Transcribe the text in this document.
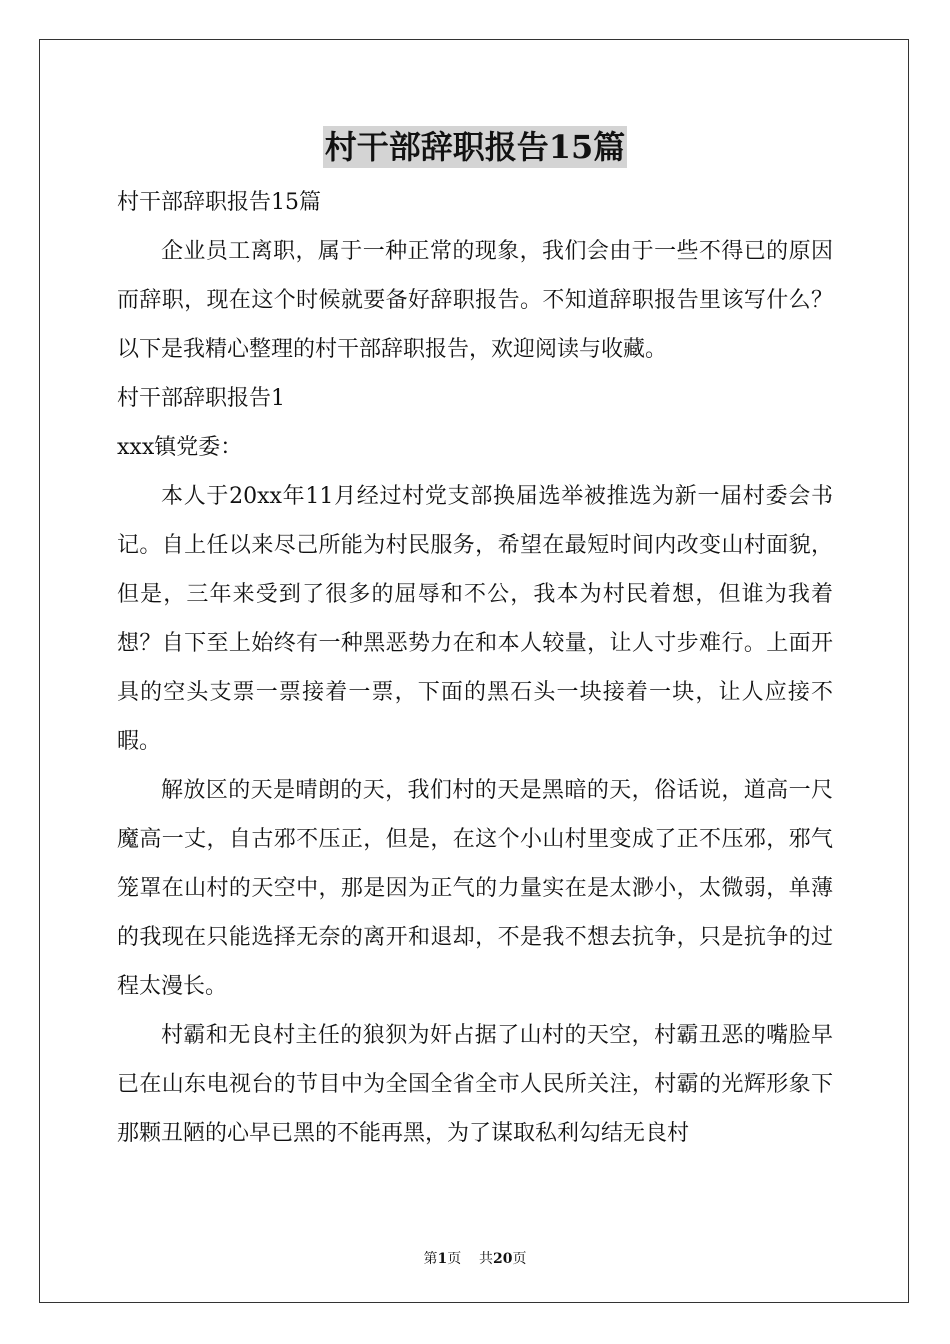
村干部辞职报告15篇

村干部辞职报告15篇

企业员工离职，属于一种正常的现象，我们会由于一些不得已的原因而辞职，现在这个时候就要备好辞职报告。不知道辞职报告里该写什么？以下是我精心整理的村干部辞职报告，欢迎阅读与收藏。

村干部辞职报告1

xxx镇党委：

本人于20xx年11月经过村党支部换届选举被推选为新一届村委会书记。自上任以来尽己所能为村民服务，希望在最短时间内改变山村面貌，但是，三年来受到了很多的屈辱和不公，我本为村民着想，但谁为我着想？自下至上始终有一种黑恶势力在和本人较量，让人寸步难行。上面开具的空头支票一票接着一票，下面的黑石头一块接着一块，让人应接不暇。

解放区的天是晴朗的天，我们村的天是黑暗的天，俗话说，道高一尺魔高一丈，自古邪不压正，但是，在这个小山村里变成了正不压邪，邪气笼罩在山村的天空中，那是因为正气的力量实在是太渺小，太微弱，单薄的我现在只能选择无奈的离开和退却，不是我不想去抗争，只是抗争的过程太漫长。

村霸和无良村主任的狼狈为奸占据了山村的天空，村霸丑恶的嘴脸早已在山东电视台的节目中为全国全省全市人民所关注，村霸的光辉形象下那颗丑陋的心早已黑的不能再黑，为了谋取私利勾结无良村

第1页    共20页
